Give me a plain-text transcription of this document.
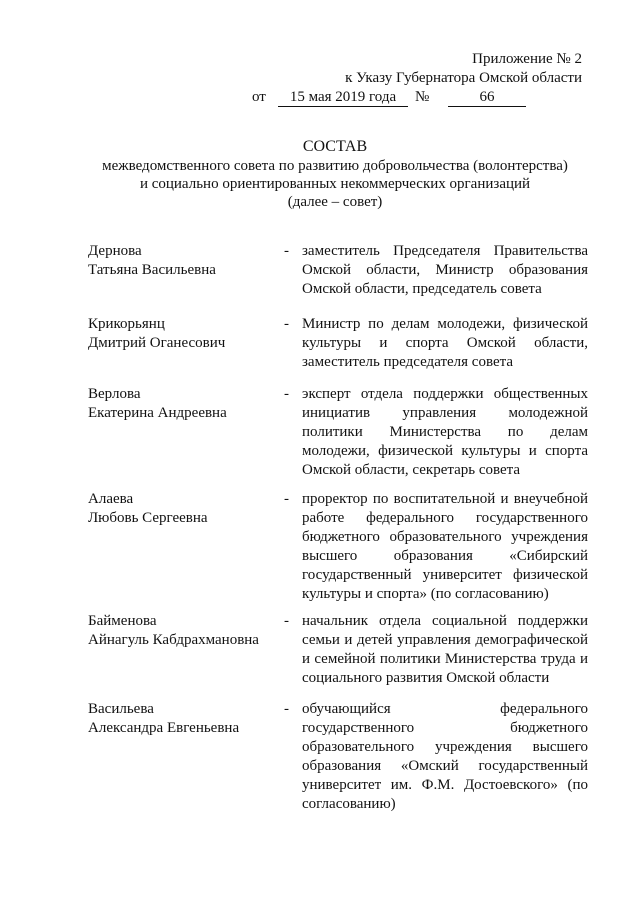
Приложение № 2
к Указу Губернатора Омской области
от	15 мая 2019 года	№	66
СОСТАВ
межведомственного совета по развитию добровольчества (волонтерства)
и социально ориентированных некоммерческих организаций
(далее – совет)
Дернова
Татьяна Васильевна
- заместитель Председателя Правительства Омской области, Министр образования Омской области, председатель совета
Крикорьянц
Дмитрий Оганесович
- Министр по делам молодежи, физической культуры и спорта Омской области, заместитель председателя совета
Верлова
Екатерина Андреевна
- эксперт отдела поддержки общественных инициатив управления молодежной политики Министерства по делам молодежи, физической культуры и спорта Омской области, секретарь совета
Алаева
Любовь Сергеевна
- проректор по воспитательной и внеучебной работе федерального государственного бюджетного образовательного учреждения высшего образования «Сибирский государственный университет физической культуры и спорта» (по согласованию)
Байменова
Айнагуль Кабдрахмановна
- начальник отдела социальной поддержки семьи и детей управления демографической и семейной политики Министерства труда и социального развития Омской области
Васильева
Александра Евгеньевна
- обучающийся федерального государственного бюджетного образовательного учреждения высшего образования «Омский государственный университет им. Ф.М. Достоевского» (по согласованию)
